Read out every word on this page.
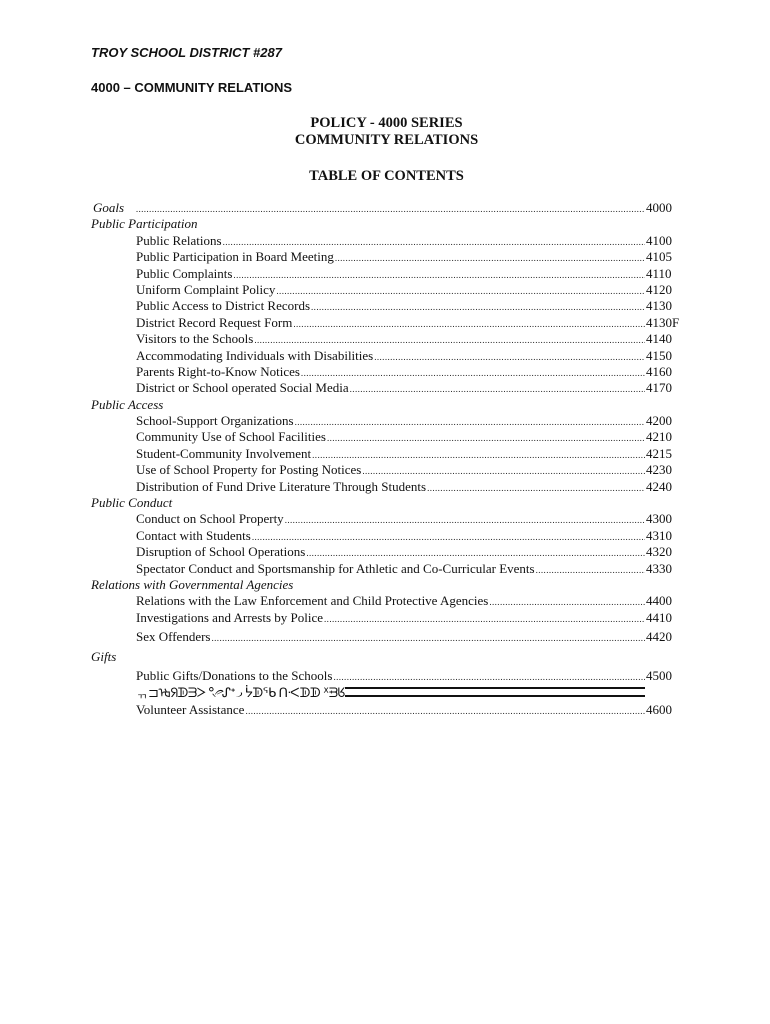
TROY SCHOOL DISTRICT #287
4000 – COMMUNITY RELATIONS
POLICY - 4000 SERIES
COMMUNITY RELATIONS
TABLE OF CONTENTS
Goals .....	4000
Public Participation
Public Relations .....	4100
Public Participation in Board Meeting .....	4105
Public Complaints .....	4110
Uniform Complaint Policy .....	4120
Public Access to District Records .....	4130
District Record Request Form .....	4130F
Visitors to the Schools .....	4140
Accommodating Individuals with Disabilities .....	4150
Parents Right-to-Know Notices .....	4160
District or School operated Social Media .....	4170
Public Access
School-Support Organizations .....	4200
Community Use of School Facilities .....	4210
Student-Community Involvement .....	4215
Use of School Property for Posting Notices .....	4230
Distribution of Fund Drive Literature Through Students .....	4240
Public Conduct
Conduct on School Property .....	4300
Contact with Students .....	4310
Disruption of School Operations .....	4320
Spectator Conduct and Sportsmanship for Athletic and Co-Curricular Events .....	4330
Relations with Governmental Agencies
Relations with the Law Enforcement and Child Protective Agencies .....	4400
Investigations and Arrests by Police .....	4410
Sex Offenders .....	4420
Gifts
Public Gifts/Donations to the Schools .....	4500
ᆩ⊐ᡈᖆᗫᗱᐳ ᐤ᭧ᔑᐩ᎕ ᔮᗫᖃ ᑎᑄᗫᗫ ᕽᗲᖉ
Volunteer Assistance .....	4600
